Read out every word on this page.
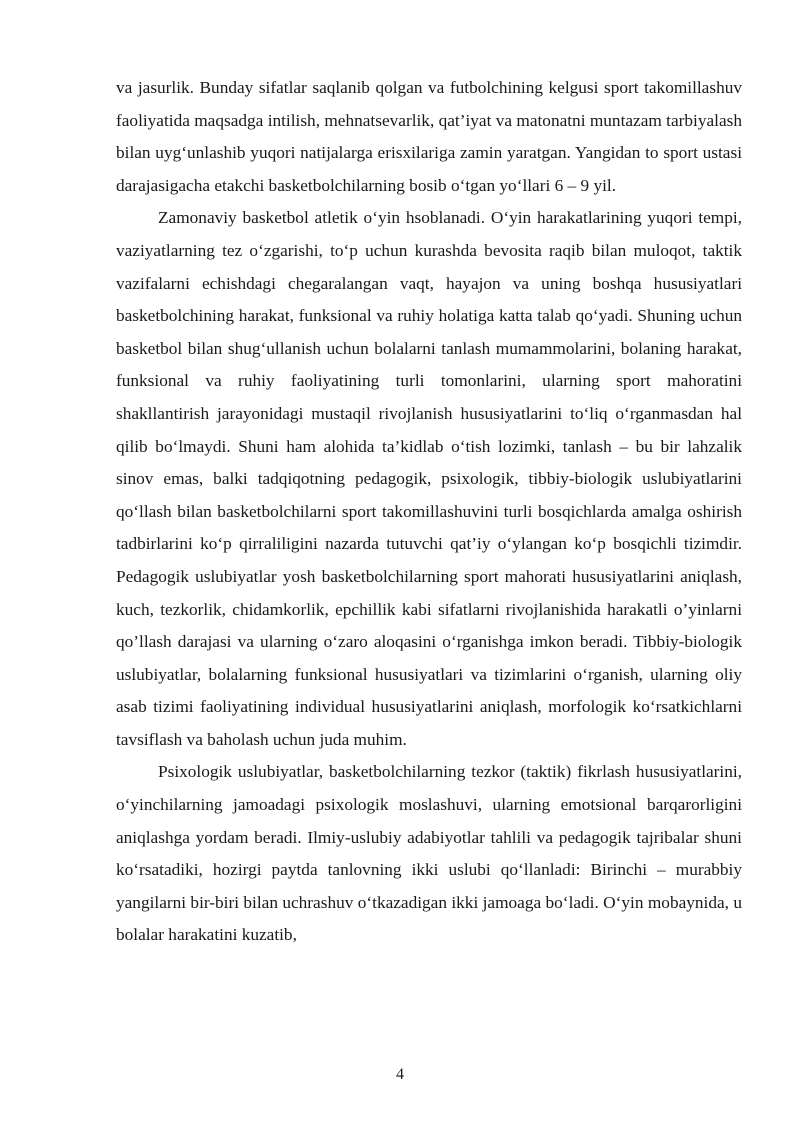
va jasurlik. Bunday sifatlar saqlanib qolgan va futbolchining kelgusi sport takomillashuv faoliyatida maqsadga intilish, mehnatsevarlik, qat’iyat va matonatni muntazam tarbiyalash bilan uyg‘unlashib yuqori natijalarga erisxilariga zamin yaratgan. Yangidan to sport ustasi darajasigacha etakchi basketbolchilarning bosib o‘tgan yo‘llari 6 – 9 yil.

Zamonaviy basketbol atletik o‘yin hsoblanadi. O‘yin harakatlarining yuqori tempi, vaziyatlarning tez o‘zgarishi, to‘p uchun kurashda bevosita raqib bilan muloqot, taktik vazifalarni echishdagi chegaralangan vaqt, hayajon va uning boshqa hususiyatlari basketbolchining harakat, funksional va ruhiy holatiga katta talab qo‘yadi. Shuning uchun basketbol bilan shug‘ullanish uchun bolalarni tanlash mumammolarini, bolaning harakat, funksional va ruhiy faoliyatining turli tomonlarini, ularning sport mahoratini shakllantirish jarayonidagi mustaqil rivojlanish hususiyatlarini to‘liq o‘rganmasdan hal qilib bo‘lmaydi. Shuni ham alohida ta’kidlab o‘tish lozimki, tanlash – bu bir lahzalik sinov emas, balki tadqiqotning pedagogik, psixologik, tibbiy-biologik uslubiyatlarini qo‘llash bilan basketbolchilarni sport takomillashuvini turli bosqichlarda amalga oshirish tadbirlarini ko‘p qirraliligini nazarda tutuvchi qat’iy o‘ylangan ko‘p bosqichli tizimdir. Pedagogik uslubiyatlar yosh basketbolchilarning sport mahorati hususiyatlarini aniqlash, kuch, tezkorlik, chidamkorlik, epchillik kabi sifatlarni rivojlanishida harakatli o’yinlarni qo’llash darajasi va ularning o‘zaro aloqasini o‘rganishga imkon beradi. Tibbiy-biologik uslubiyatlar, bolalarning funksional hususiyatlari va tizimlarini o‘rganish, ularning oliy asab tizimi faoliyatining individual hususiyatlarini aniqlash, morfologik ko‘rsatkichlarni tavsiflash va baholash uchun juda muhim.

Psixologik uslubiyatlar, basketbolchilarning tezkor (taktik) fikrlash hususiyatlarini, o‘yinchilarning jamoadagi psixologik moslashuvi, ularning emotsional barqarorligini aniqlashga yordam beradi. Ilmiy-uslubiy adabiyotlar tahlili va pedagogik tajribalar shuni ko‘rsatadiki, hozirgi paytda tanlovning ikki uslubi qo‘llanladi: Birinchi – murabbiy yangilarni bir-biri bilan uchrashuv o‘tkazadigan ikki jamoaga bo‘ladi. O‘yin mobaynida, u bolalar harakatini kuzatib,

4
